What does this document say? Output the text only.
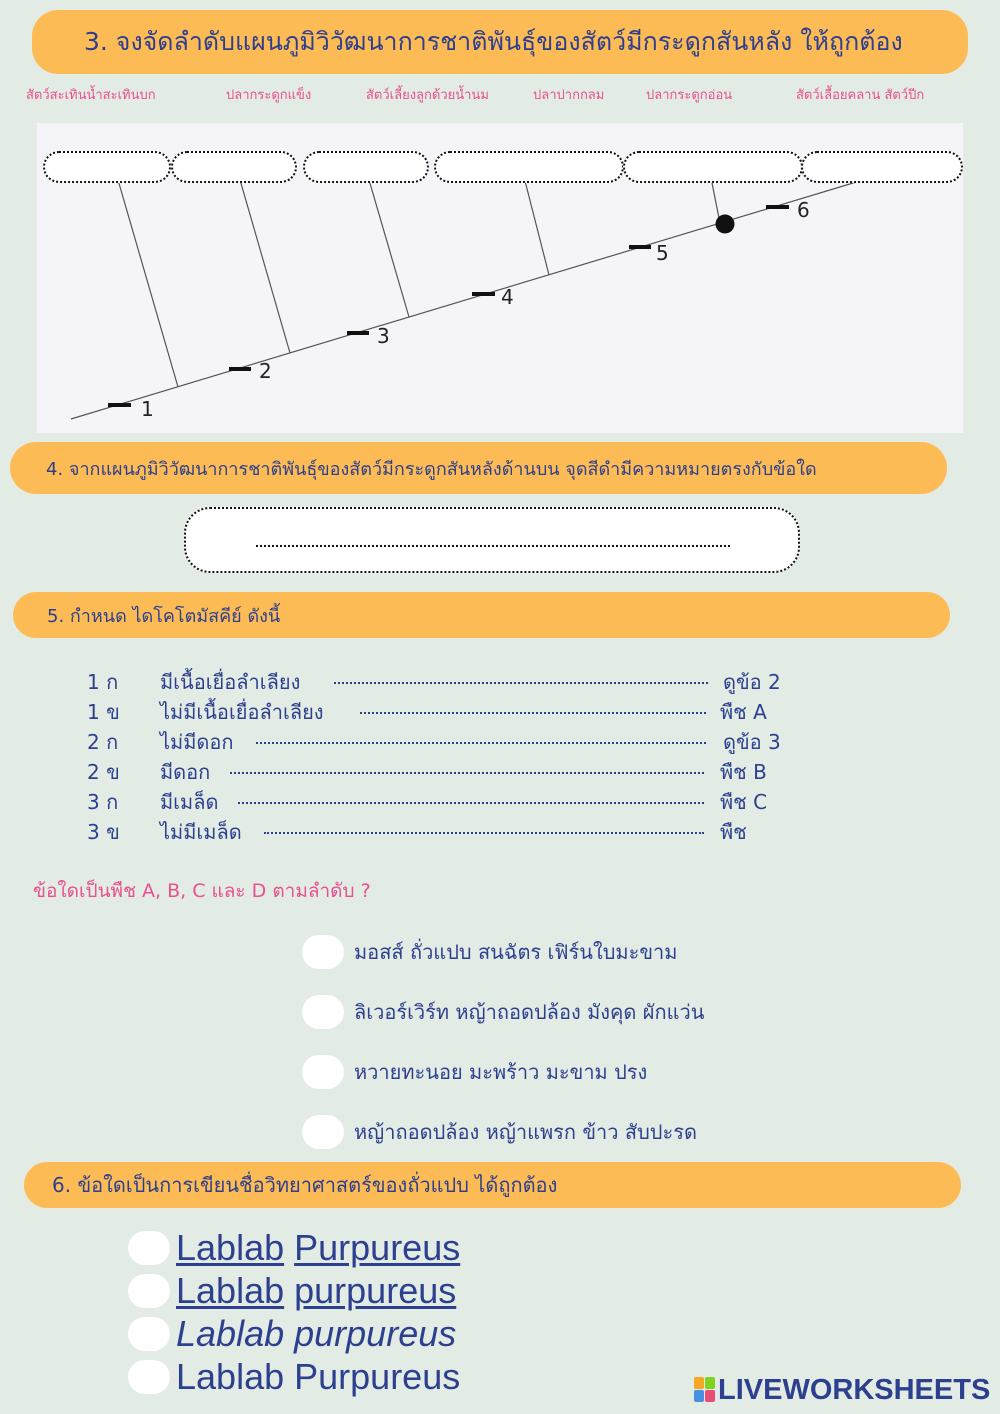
3. จงจัดลำดับแผนภูมิวิวัฒนาการชาติพันธุ์ของสัตว์มีกระดูกสันหลัง ให้ถูกต้อง
สัตว์สะเทินน้ำสะเทินบก	ปลากระดูกแข็ง	สัตว์เลี้ยงลูกด้วยน้ำนม	ปลาปากกลม	ปลากระดูกอ่อน	สัตว์เลื้อยคลาน สัตว์ปีก
1
2
3
4
5
6
4. จากแผนภูมิวิวัฒนาการชาติพันธุ์ของสัตว์มีกระดูกสันหลังด้านบน จุดสีดำมีความหมายตรงกับข้อใด
5. กำหนด ไดโคโตมัสคีย์ ดังนี้
1 ก มีเนื้อเยื่อลำเลียง	ดูข้อ 2
1 ข ไม่มีเนื้อเยื่อลำเลียง	พืช A
2 ก ไม่มีดอก	ดูข้อ 3
2 ข มีดอก	พืช B
3 ก มีเมล็ด	พืช C
3 ข ไม่มีเมล็ด	พืช
ข้อใดเป็นพืช A, B, C และ D ตามลำดับ ?
มอสส์ ถั่วแปบ สนฉัตร เฟิร์นใบมะขาม
ลิเวอร์เวิร์ท หญ้าถอดปล้อง มังคุด ผักแว่น
หวายทะนอย มะพร้าว มะขาม ปรง
หญ้าถอดปล้อง หญ้าแพรก ข้าว สับปะรด
6. ข้อใดเป็นการเขียนชื่อวิทยาศาสตร์ของถั่วแปบ ได้ถูกต้อง
Lablab Purpureus
Lablab purpureus
Lablab purpureus
Lablab Purpureus	LIVEWORKSHEETS
